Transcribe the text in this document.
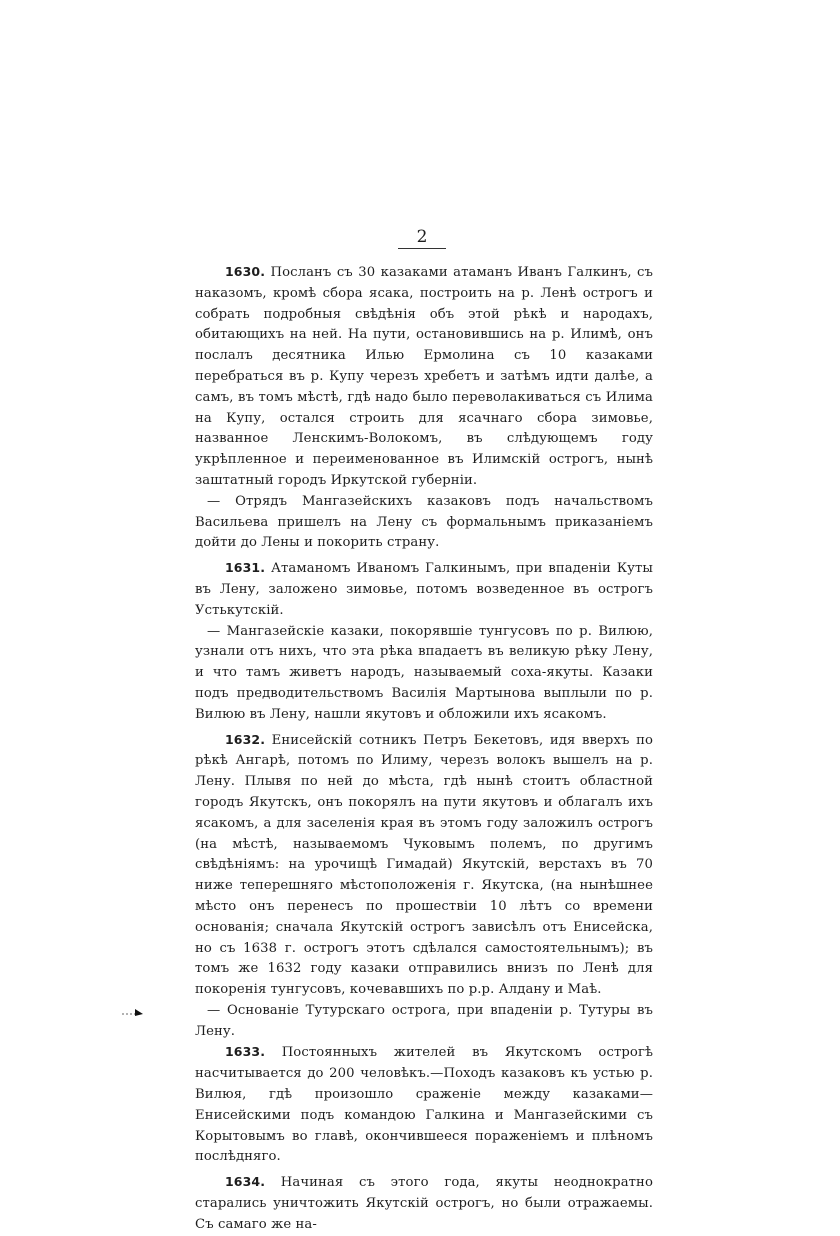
2

1630. Посланъ съ 30 казаками атаманъ Иванъ Галкинъ, съ наказомъ, кромѣ сбора ясака, построить на р. Ленѣ острогъ и собрать подробныя свѣдѣнія объ этой рѣкѣ и народахъ, обитающихъ на ней. На пути, остановившись на р. Илимѣ, онъ послалъ десятника Илью Ермолина съ 10 казаками перебраться въ р. Купу черезъ хребетъ и затѣмъ идти далѣе, а самъ, въ томъ мѣстѣ, гдѣ надо было переволакиваться съ Илима на Купу, остался строить для ясачнаго сбора зимовье, названное Ленскимъ-Волокомъ, въ слѣдующемъ году укрѣпленное и переименованное въ Илимскій острогъ, нынѣ заштатный городъ Иркутской губерніи.

— Отрядъ Мангазейскихъ казаковъ подъ начальствомъ Васильева пришелъ на Лену съ формальнымъ приказаніемъ дойти до Лены и покорить страну.

1631. Атаманомъ Иваномъ Галкинымъ, при впаденіи Куты въ Лену, заложено зимовье, потомъ возведенное въ острогъ Устькутскій.

— Мангазейскіе казаки, покорявшіе тунгусовъ по р. Вилюю, узнали отъ нихъ, что эта рѣка впадаетъ въ великую рѣку Лену, и что тамъ живетъ народъ, называемый соха-якуты. Казаки подъ предводительствомъ Василія Мартынова выплыли по р. Вилюю въ Лену, нашли якутовъ и обложили ихъ ясакомъ.

1632. Енисейскій сотникъ Петръ Бекетовъ, идя вверхъ по рѣкѣ Ангарѣ, потомъ по Илиму, черезъ волокъ вышелъ на р. Лену. Плывя по ней до мѣста, гдѣ нынѣ стоитъ областной городъ Якутскъ, онъ покорялъ на пути якутовъ и облагалъ ихъ ясакомъ, а для заселенія края въ этомъ году заложилъ острогъ (на мѣстѣ, называемомъ Чуковымъ полемъ, по другимъ свѣдѣніямъ: на урочищѣ Гимадай) Якутскій, верстахъ въ 70 ниже теперешняго мѣстоположенія г. Якутска, (на нынѣшнее мѣсто онъ перенесъ по прошествіи 10 лѣтъ со времени основанія; сначала Якутскій острогъ зависѣлъ отъ Енисейска, но съ 1638 г. острогъ этотъ сдѣлался самостоятельнымъ); въ томъ же 1632 году казаки отправились внизъ по Ленѣ для покоренія тунгусовъ, кочевавшихъ по р.р. Алдану и Маѣ.

— Основаніе Тутурскаго острога, при впаденіи р. Тутуры въ Лену.

1633. Постоянныхъ жителей въ Якутскомъ острогѣ насчитывается до 200 человѣкъ.—Походъ казаковъ къ устью р. Вилюя, гдѣ произошло сраженіе между казаками—Енисейскими подъ командою Галкина и Мангазейскими съ Корытовымъ во главѣ, окончившееся пораженіемъ и плѣномъ послѣдняго.

1634. Начиная съ этого года, якуты неоднократно старались уничтожить Якутскій острогъ, но были отражаемы. Съ самаго же на-
